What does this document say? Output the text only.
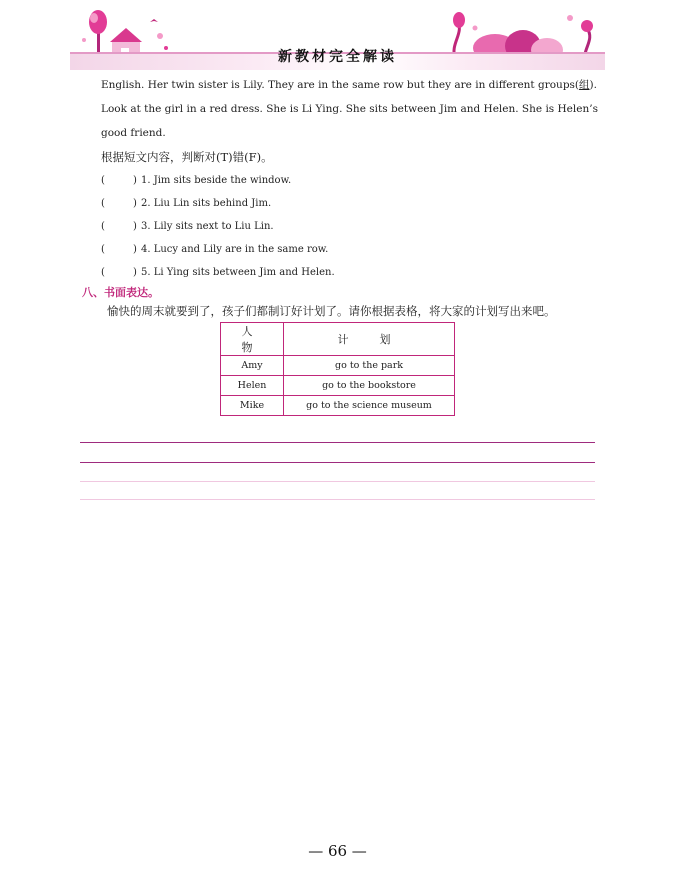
新教材完全解读

English. Her twin sister is Lily. They are in the same row but they are in different groups(组).

Look at the girl in a red dress. She is Li Ying. She sits between Jim and Helen. She is Helen’s

good friend.

根据短文内容，判断对(T)错(F)。

(	) 1. Jim sits beside the window.
(	) 2. Liu Lin sits behind Jim.
(	) 3. Lily sits next to Liu Lin.
(	) 4. Lucy and Lily are in the same row.
(	) 5. Li Ying sits between Jim and Helen.
八、书面表达。
愉快的周末就要到了，孩子们都制订好计划了。请你根据表格，将大家的计划写出来吧。
人　物	计　划
Amy	go to the park
Helen	go to the bookstore
Mike	go to the science museum
— 66 —
